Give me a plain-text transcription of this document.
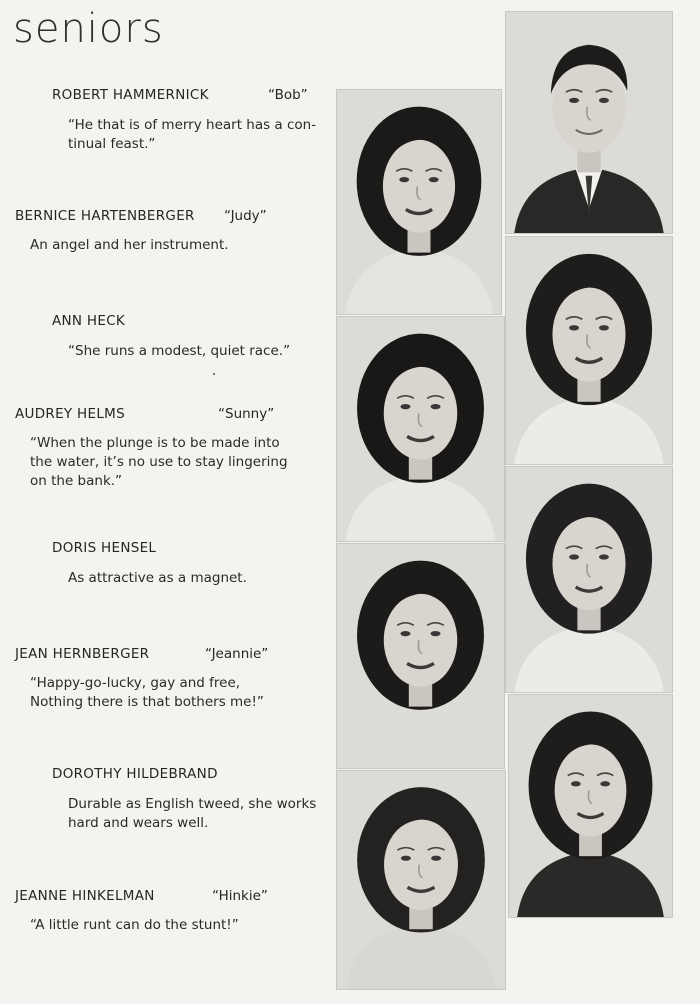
seniors
ROBERT HAMMERNICK	“Bob”
“He that is of merry heart has a con-
tinual feast.”
BERNICE HARTENBERGER “Judy”
An angel and her instrument.
ANN HECK
“She runs a modest, quiet race.”
AUDREY HELMS	“Sunny”
“When the plunge is to be made into
the water, it’s no use to stay lingering
on the bank.”
DORIS HENSEL
As attractive as a magnet.
JEAN HERNBERGER	“Jeannie”
“Happy-go-lucky, gay and free,
Nothing there is that bothers me!”
DOROTHY HILDEBRAND
Durable as English tweed, she works
hard and wears well.
JEANNE HINKELMAN	“Hinkie”
“A little runt can do the stunt!”
